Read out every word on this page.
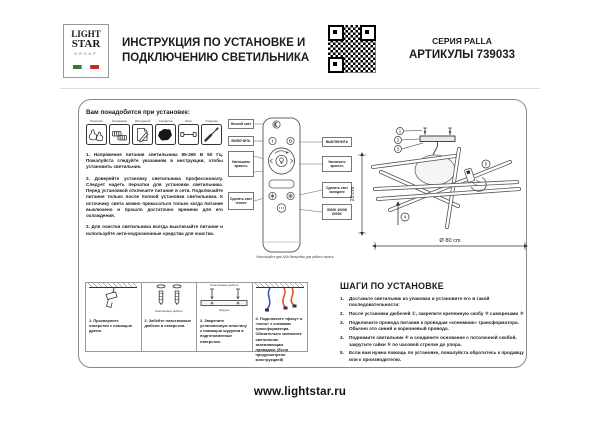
LIGHT
STAR
GROUP
ИНСТРУКЦИЯ ПО УСТАНОВКЕ И
ПОДКЛЮЧЕНИЮ СВЕТИЛЬНИКА
СЕРИЯ PALLA
АРТИКУЛЫ 739033
Вам понадобится при установке:
Перчатки	Клеммники	Инструкция	Салфетка	Ключ	Отвертка

1. Напряжение питания светильника 85-265 В 50 Гц. Пожалуйста следуйте указаниям в инструкции, чтобы установить светильник.

2. Доверяйте установку светильника профессионалу. Следует надеть перчатки для установки светильника. Перед установкой отключите питание в сети. Подключайте питание только после полной установки светильника. К источнику света можно прикасаться только когда питание выключено и прошло достаточно времени для его охлаждения.

3. Для очистки светильника всегда выключайте питание и используйте анти-коррозионные средства для очистки.

I	O
Ночной свет
ВКЛЮЧИТЬ
Уменьшить яркость
Сделать свет теплее
ВЫКЛЮЧИТЬ
Увеличить яркость
Сделать свет холоднее
3000K 4000K 6000K
Используйте две ААА батарейки для работы пульта
1
2
3
4
5
20 cm
Ø 80 cm
1. Просверлите отверстия с помощью дрели.
Пластиковые дюбели
2. Забейте пластиковые дюбели в отверстия.
Пластиковые дюбели
Шурупы
3. Закрепите установочную пластину с помощью шурупов в подготовленные отверстия.
4. Подключите «фазу» и «ноль» к клеммам трансформатора. Обязательно заземлите светильник заземляющим проводом. (Если предусмотрено конструкцией)
ШАГИ ПО УСТАНОВКЕ
1.	Достаньте светильник из упаковки и установите его в такой последовательности:
2.	После установки дюбелей ①, закрепите крепежную скобу ② саморезами ③
3.	Подключите провода питания к проводам «клеммник» трансформатора. Обычно это синий и коричневый провода.
4.	Поднимите светильник ④ и соедините основание с потолочной скобой, закрутите гайки ⑤ по часовой стрелке до упора.
5.	Если вам нужна помощь по установке, пожалуйста обратитесь к продавцу или к производителю.
www.lightstar.ru
